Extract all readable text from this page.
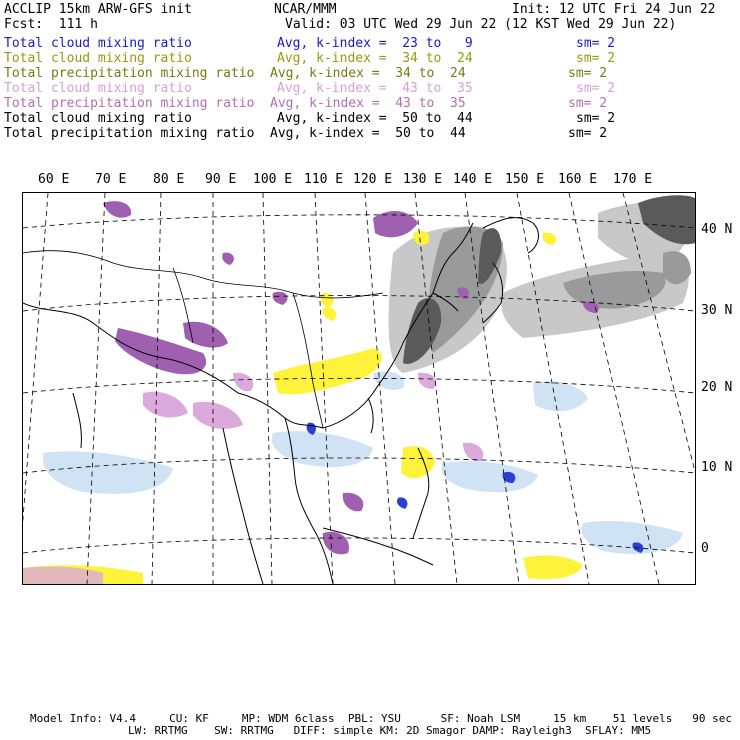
ACCLIP 15km ARW-GFS init	NCAR/MMM	Init: 12 UTC Fri 24 Jun 22
Fcst:  111 h	Valid: 03 UTC Wed 29 Jun 22 (12 KST Wed 29 Jun 22)
Total cloud mixing ratio	Avg, k-index =  23 to   9	sm= 2
Total cloud mixing ratio	Avg, k-index =  34 to  24	sm= 2
Total precipitation mixing ratio Avg, k-index =  34 to  24	sm= 2
Total cloud mixing ratio	Avg, k-index =  43 to  35	sm= 2
Total precipitation mixing ratio Avg, k-index =  43 to  35	sm= 2
Total cloud mixing ratio	Avg, k-index =  50 to  44	sm= 2
Total precipitation mixing ratio Avg, k-index =  50 to  44	sm= 2
60 E 70 E 80 E 90 E 100 E 110 E 120 E 130 E 140 E 150 E 160 E 170 E
40 N
30 N
20 N
10 N
0
Model Info: V4.4     CU: KF     MP: WDM 6class  PBL: YSU      SF: Noah LSM     15 km    51 levels   90 sec
LW: RRTMG    SW: RRTMG   DIFF: simple KM: 2D Smagor DAMP: Rayleigh3  SFLAY: MM5
